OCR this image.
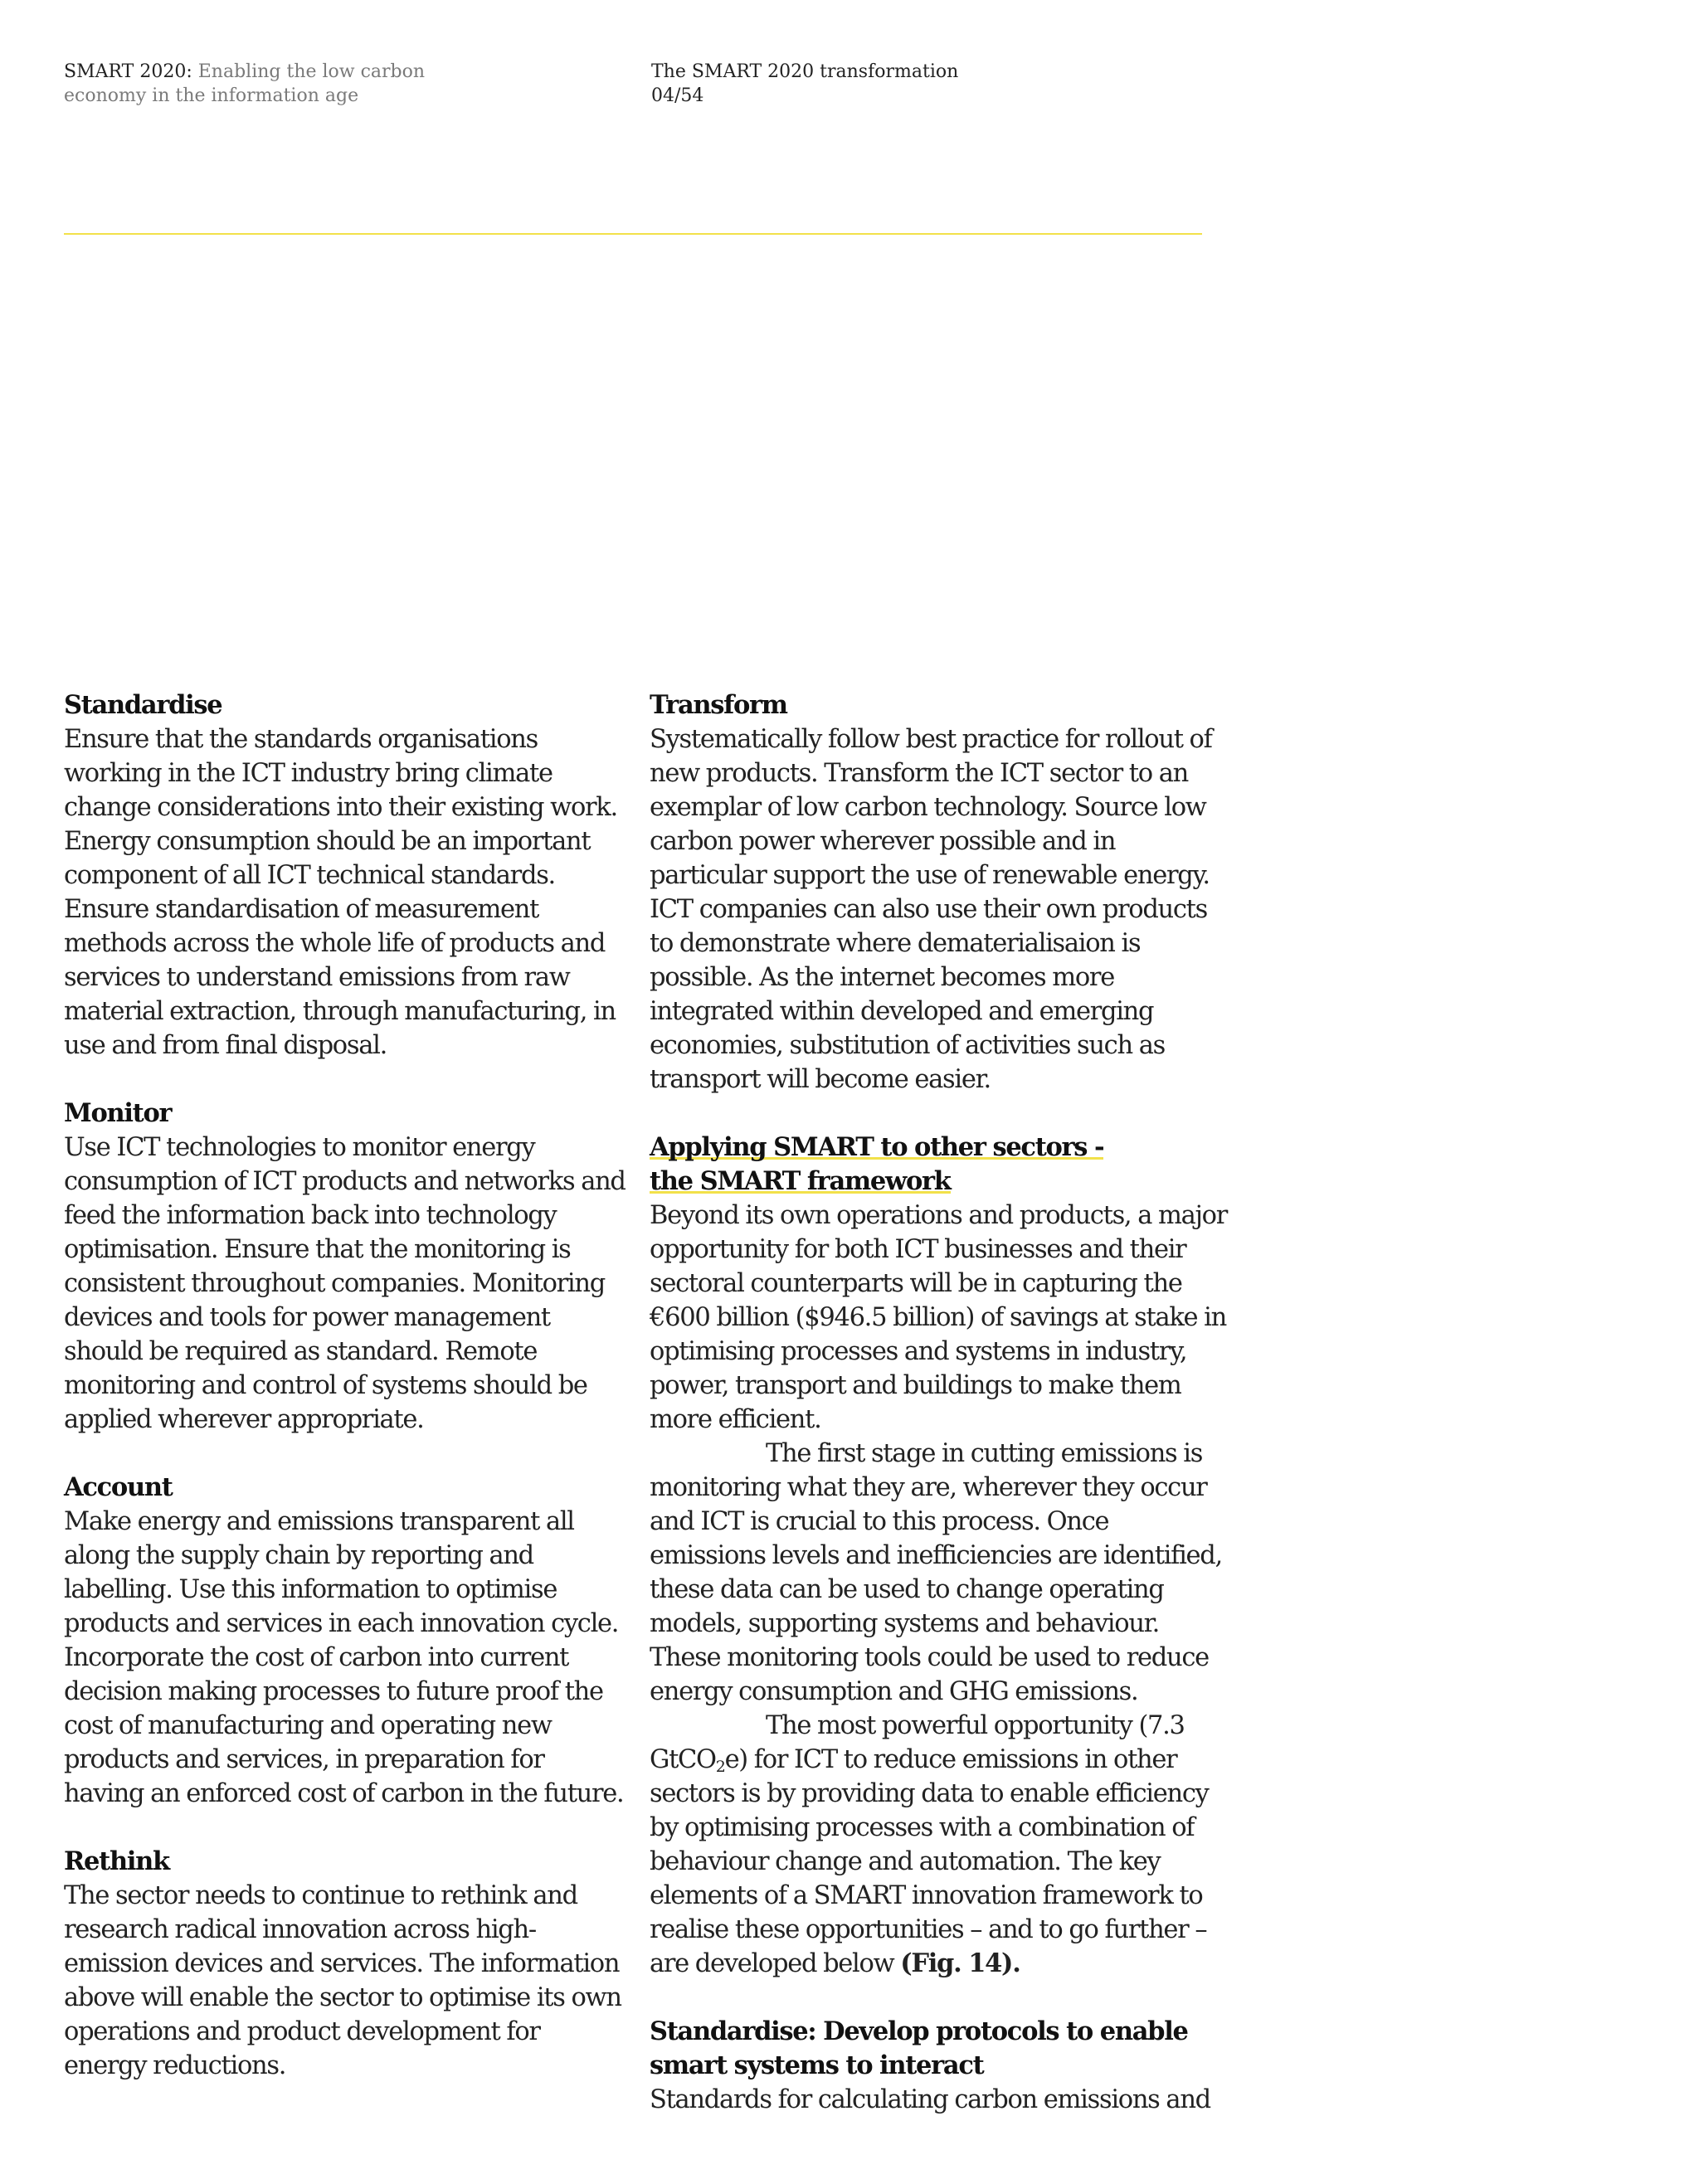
SMART 2020: Enabling the low carbon
economy in the information age
The SMART 2020 transformation
04/54
Standardise

Ensure that the standards organisations working in the ICT industry bring climate change considerations into their existing work. Energy consumption should be an important component of all ICT technical standards. Ensure standardisation of measurement methods across the whole life of products and services to understand emissions from raw material extraction, through manufacturing, in use and from final disposal.

Monitor

Use ICT technologies to monitor energy consumption of ICT products and networks and feed the information back into technology optimisation. Ensure that the monitoring is consistent throughout companies. Monitoring devices and tools for power management should be required as standard. Remote monitoring and control of systems should be applied wherever appropriate.

Account

Make energy and emissions transparent all along the supply chain by reporting and labelling. Use this information to optimise products and services in each innovation cycle. Incorporate the cost of carbon into current decision making processes to future proof the cost of manufacturing and operating new products and services, in preparation for having an enforced cost of carbon in the future.

Rethink

The sector needs to continue to rethink and research radical innovation across high-emission devices and services. The information above will enable the sector to optimise its own operations and product development for energy reductions.

Transform

Systematically follow best practice for rollout of new products. Transform the ICT sector to an exemplar of low carbon technology. Source low carbon power wherever possible and in particular support the use of renewable energy. ICT companies can also use their own products to demonstrate where dematerialisaion is possible. As the internet becomes more integrated within developed and emerging economies, substitution of activities such as transport will become easier.

Applying SMART to other sectors -
the SMART framework

Beyond its own operations and products, a major opportunity for both ICT businesses and their sectoral counterparts will be in capturing the €600 billion ($946.5 billion) of savings at stake in optimising processes and systems in industry, power, transport and buildings to make them more efficient.

The first stage in cutting emissions is monitoring what they are, wherever they occur and ICT is crucial to this process. Once emissions levels and inefficiencies are identified, these data can be used to change operating models, supporting systems and behaviour. These monitoring tools could be used to reduce energy consumption and GHG emissions.

The most powerful opportunity (7.3 GtCO$_2$e) for ICT to reduce emissions in other sectors is by providing data to enable efficiency by optimising processes with a combination of behaviour change and automation. The key elements of a SMART innovation framework to realise these opportunities – and to go further – are developed below (Fig. 14).

Standardise: Develop protocols to enable
smart systems to interact

Standards for calculating carbon emissions and
